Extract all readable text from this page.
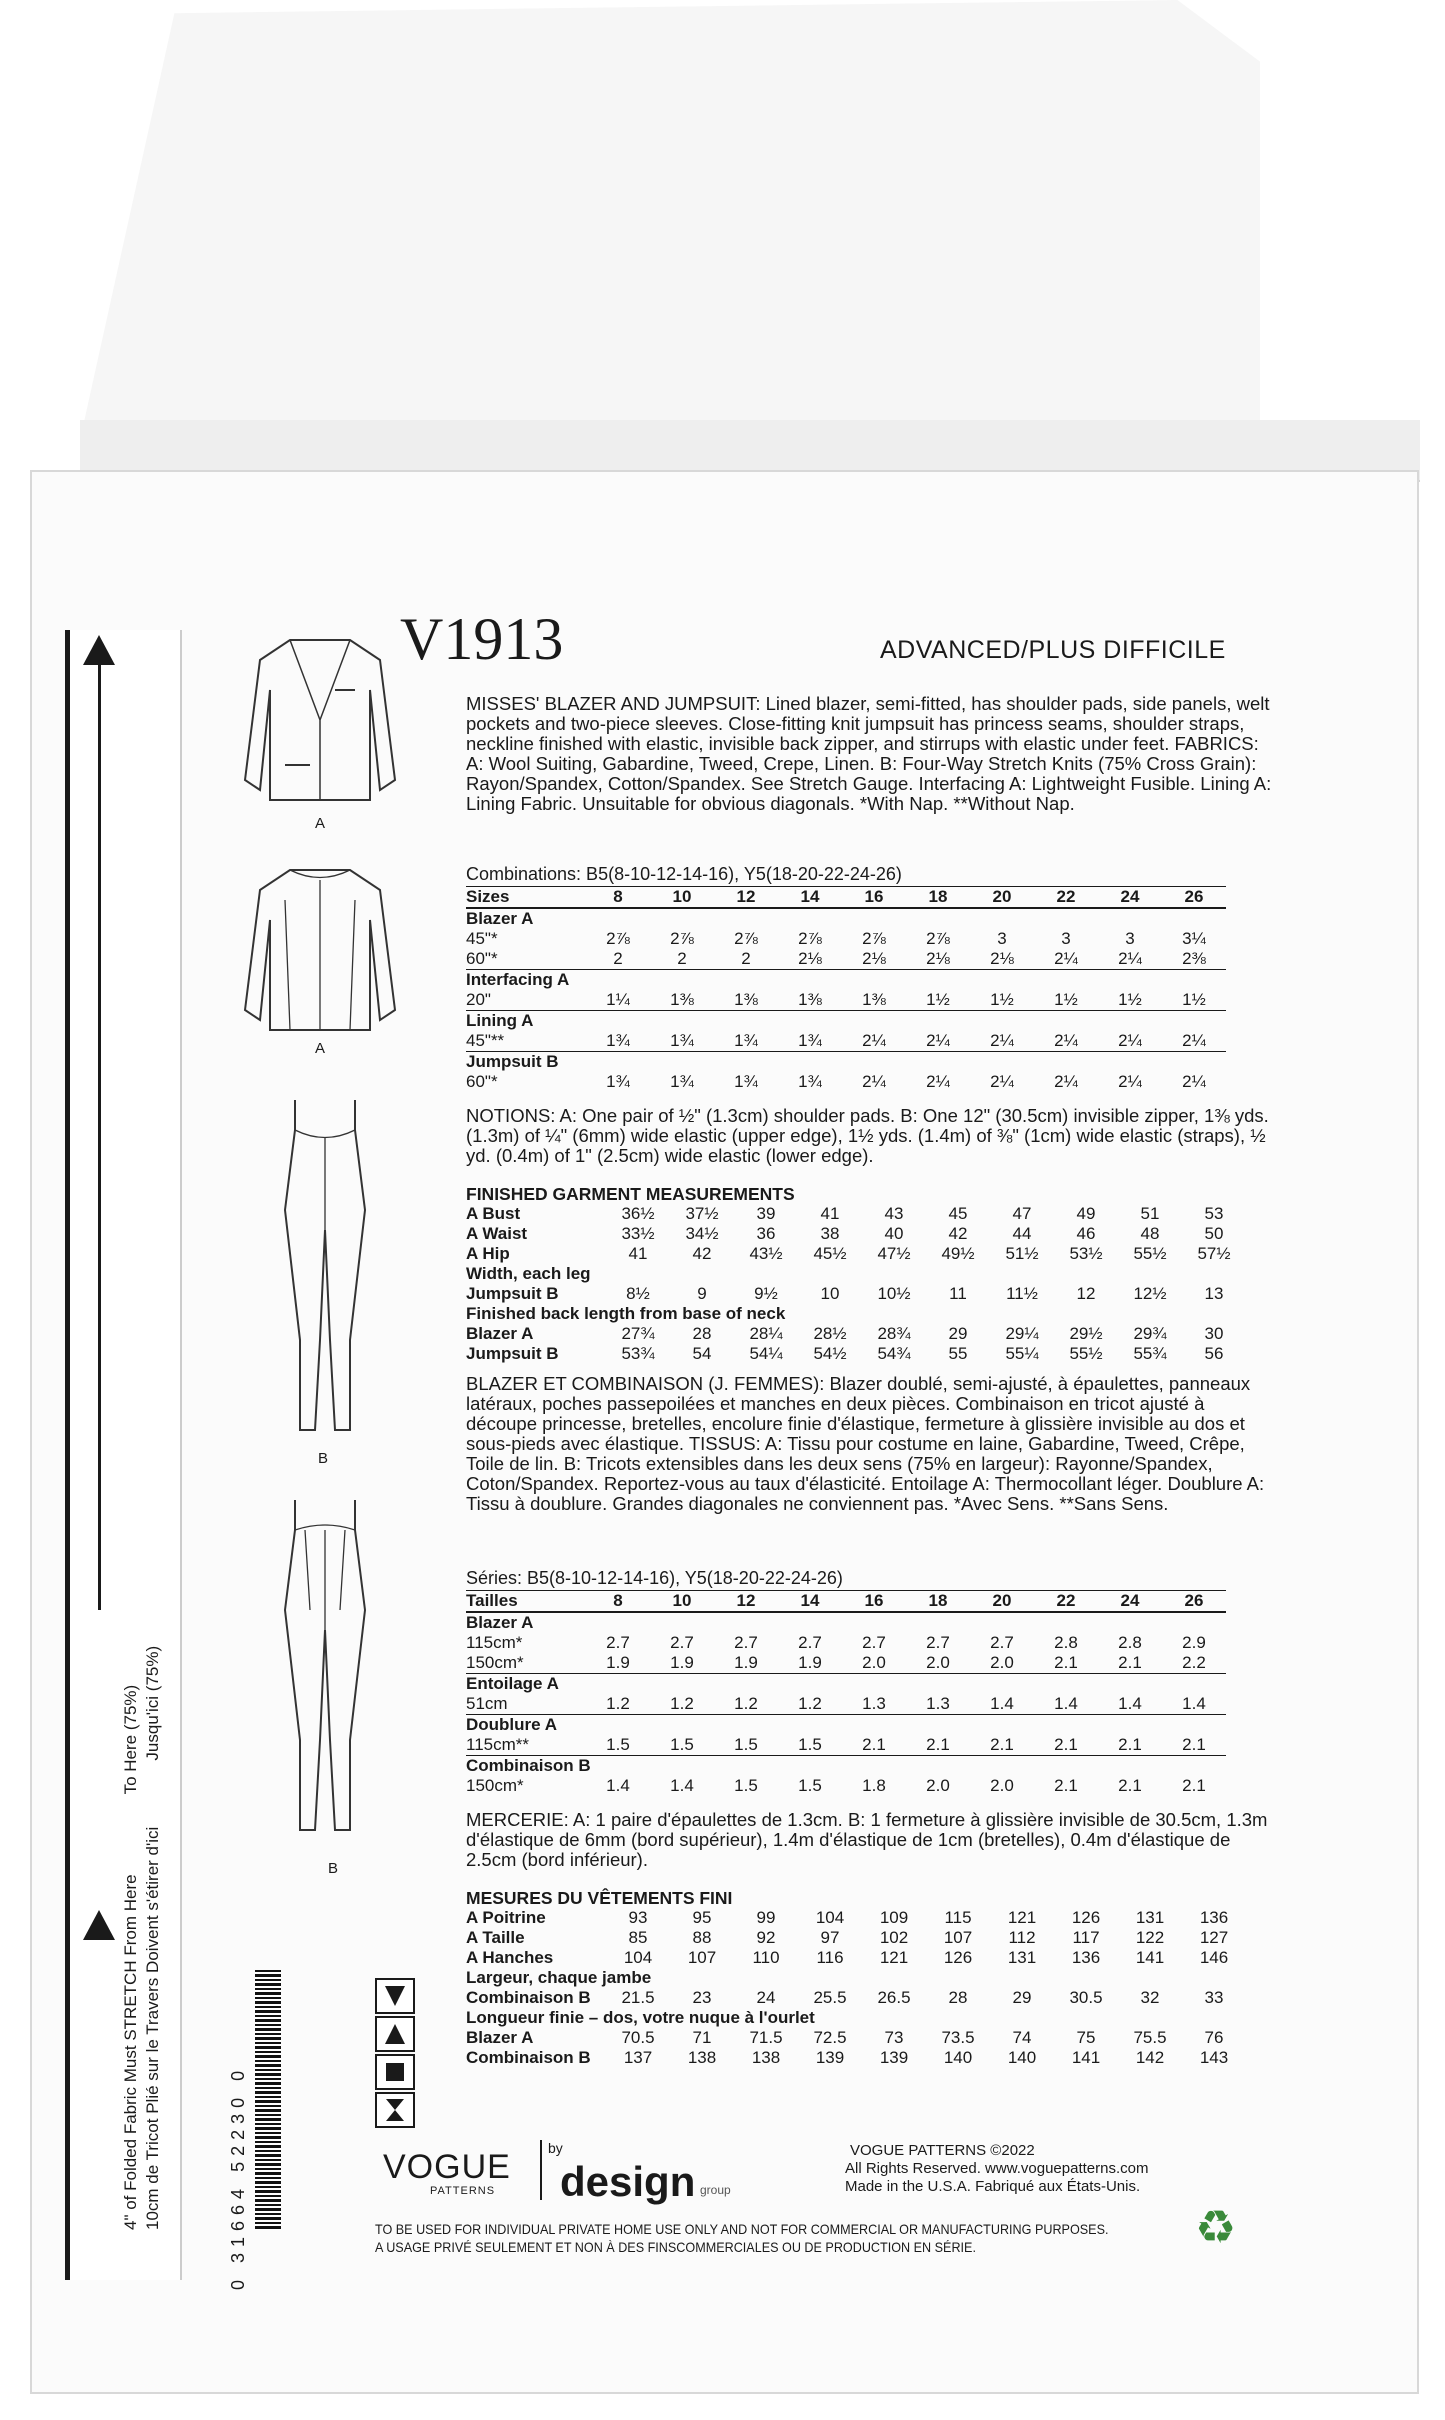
4" of Folded Fabric Must STRETCH From Here                 To Here (75%)
10cm de Tricot Plié sur le Travers Doivent s'étirer d'ici              Jusqu'ici (75%)
A
A
B
B
V1913	ADVANCED/PLUS DIFFICILE
MISSES' BLAZER AND JUMPSUIT: Lined blazer, semi-fitted, has shoulder pads, side panels, welt pockets and two-piece sleeves. Close-fitting knit jumpsuit has princess seams, shoulder straps, neckline finished with elastic, invisible back zipper, and stirrups with elastic under feet. FABRICS: A: Wool Suiting, Gabardine, Tweed, Crepe, Linen. B: Four-Way Stretch Knits (75% Cross Grain): Rayon/Spandex, Cotton/Spandex. See Stretch Gauge. Interfacing A: Lightweight Fusible. Lining A: Lining Fabric. Unsuitable for obvious diagonals. *With Nap. **Without Nap.
Combinations: B5(8-10-12-14-16), Y5(18-20-22-24-26)
Sizes	8	10	12	14	16	18	20	22	24	26
Blazer A										
45"*	2⅞	2⅞	2⅞	2⅞	2⅞	2⅞	3	3	3	3¼
60"*	2	2	2	2⅛	2⅛	2⅛	2⅛	2¼	2¼	2⅜
Interfacing A										
20"	1¼	1⅜	1⅜	1⅜	1⅜	1½	1½	1½	1½	1½
Lining A										
45"**	1¾	1¾	1¾	1¾	2¼	2¼	2¼	2¼	2¼	2¼
Jumpsuit B										
60"*	1¾	1¾	1¾	1¾	2¼	2¼	2¼	2¼	2¼	2¼
NOTIONS: A: One pair of ½" (1.3cm) shoulder pads. B: One 12" (30.5cm) invisible zipper, 1⅜ yds. (1.3m) of ¼" (6mm) wide elastic (upper edge), 1½ yds. (1.4m) of ⅜" (1cm) wide elastic (straps), ½ yd. (0.4m) of 1" (2.5cm) wide elastic (lower edge).
FINISHED GARMENT MEASUREMENTS
A Bust	36½	37½	39	41	43	45	47	49	51	53
A Waist	33½	34½	36	38	40	42	44	46	48	50
A Hip	41	42	43½	45½	47½	49½	51½	53½	55½	57½
Width, each leg										
Jumpsuit B	8½	9	9½	10	10½	11	11½	12	12½	13
Finished back length from base of neck										
Blazer A	27¾	28	28¼	28½	28¾	29	29¼	29½	29¾	30
Jumpsuit B	53¾	54	54¼	54½	54¾	55	55¼	55½	55¾	56
BLAZER ET COMBINAISON (J. FEMMES): Blazer doublé, semi-ajusté, à épaulettes, panneaux latéraux, poches passepoilées et manches en deux pièces. Combinaison en tricot ajusté à découpe princesse, bretelles, encolure finie d'élastique, fermeture à glissière invisible au dos et sous-pieds avec élastique. TISSUS: A: Tissu pour costume en laine, Gabardine, Tweed, Crêpe, Toile de lin. B: Tricots extensibles dans les deux sens (75% en largeur): Rayonne/Spandex, Coton/Spandex. Reportez-vous au taux d'élasticité. Entoilage A: Thermocollant léger. Doublure A: Tissu à doublure. Grandes diagonales ne conviennent pas. *Avec Sens. **Sans Sens.
Séries: B5(8-10-12-14-16), Y5(18-20-22-24-26)
Tailles	8	10	12	14	16	18	20	22	24	26
Blazer A										
115cm*	2.7	2.7	2.7	2.7	2.7	2.7	2.7	2.8	2.8	2.9
150cm*	1.9	1.9	1.9	1.9	2.0	2.0	2.0	2.1	2.1	2.2
Entoilage A										
51cm	1.2	1.2	1.2	1.2	1.3	1.3	1.4	1.4	1.4	1.4
Doublure A										
115cm**	1.5	1.5	1.5	1.5	2.1	2.1	2.1	2.1	2.1	2.1
Combinaison B										
150cm*	1.4	1.4	1.5	1.5	1.8	2.0	2.0	2.1	2.1	2.1
MERCERIE: A: 1 paire d'épaulettes de 1.3cm. B: 1 fermeture à glissière invisible de 30.5cm, 1.3m d'élastique de 6mm (bord supérieur), 1.4m d'élastique de 1cm (bretelles), 0.4m d'élastique de 2.5cm (bord inférieur).
MESURES DU VÊTEMENTS FINI
A Poitrine	93	95	99	104	109	115	121	126	131	136
A Taille	85	88	92	97	102	107	112	117	122	127
A Hanches	104	107	110	116	121	126	131	136	141	146
Largeur, chaque jambe										
Combinaison B	21.5	23	24	25.5	26.5	28	29	30.5	32	33
Longueur finie – dos, votre nuque à l'ourlet										
Blazer A	70.5	71	71.5	72.5	73	73.5	74	75	75.5	76
Combinaison B	137	138	138	139	139	140	140	141	142	143
0 31664 52230 0	VOGUE
PATTERNS
by
design group
VOGUE PATTERNS ©2022
All Rights Reserved. www.voguepatterns.com
Made in the U.S.A. Fabriqué aux États-Unis.
TO BE USED FOR INDIVIDUAL PRIVATE HOME USE ONLY AND NOT FOR COMMERCIAL OR MANUFACTURING PURPOSES.
A USAGE PRIVÉ SEULEMENT ET NON À DES FINSCOMMERCIALES OU DE PRODUCTION EN SÉRIE.	♻
